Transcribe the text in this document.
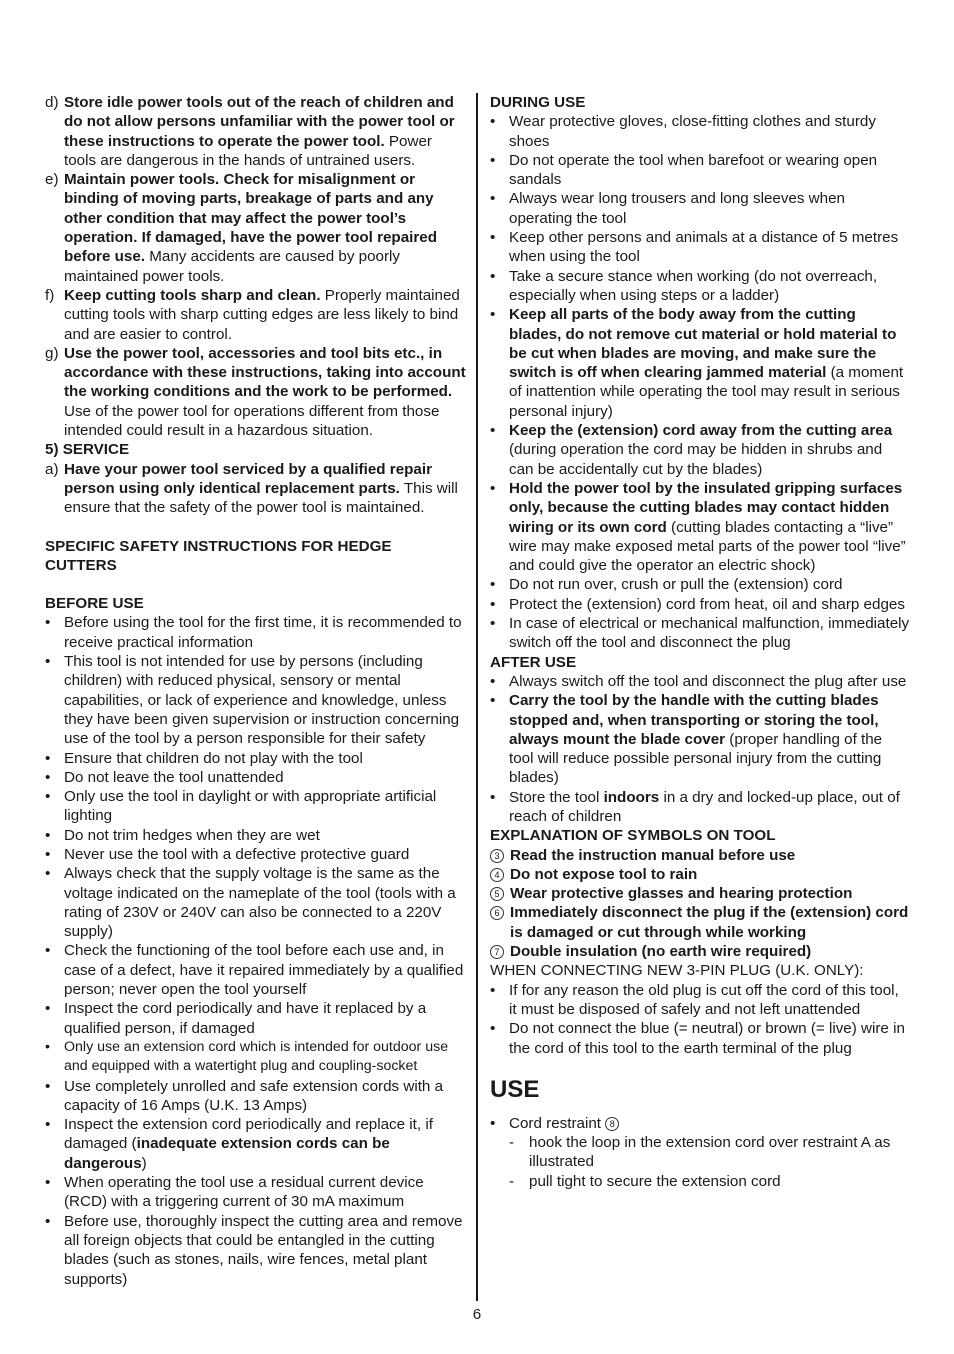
d) Store idle power tools out of the reach of children and do not allow persons unfamiliar with the power tool or these instructions to operate the power tool. Power tools are dangerous in the hands of untrained users.
e) Maintain power tools. Check for misalignment or binding of moving parts, breakage of parts and any other condition that may affect the power tool’s operation. If damaged, have the power tool repaired before use. Many accidents are caused by poorly maintained power tools.
f) Keep cutting tools sharp and clean. Properly maintained cutting tools with sharp cutting edges are less likely to bind and are easier to control.
g) Use the power tool, accessories and tool bits etc., in accordance with these instructions, taking into account the working conditions and the work to be performed. Use of the power tool for operations different from those intended could result in a hazardous situation.
5) SERVICE
a) Have your power tool serviced by a qualified repair person using only identical replacement parts. This will ensure that the safety of the power tool is maintained.
SPECIFIC SAFETY INSTRUCTIONS FOR HEDGE CUTTERS
BEFORE USE
• Before using the tool for the first time, it is recommended to receive practical information
• This tool is not intended for use by persons (including children) with reduced physical, sensory or mental capabilities, or lack of experience and knowledge, unless they have been given supervision or instruction concerning use of the tool by a person responsible for their safety
• Ensure that children do not play with the tool
• Do not leave the tool unattended
• Only use the tool in daylight or with appropriate artificial lighting
• Do not trim hedges when they are wet
• Never use the tool with a defective protective guard
• Always check that the supply voltage is the same as the voltage indicated on the nameplate of the tool (tools with a rating of 230V or 240V can also be connected to a 220V supply)
• Check the functioning of the tool before each use and, in case of a defect, have it repaired immediately by a qualified person; never open the tool yourself
• Inspect the cord periodically and have it replaced by a qualified person, if damaged
• Only use an extension cord which is intended for outdoor use and equipped with a watertight plug and coupling-socket
• Use completely unrolled and safe extension cords with a capacity of 16 Amps (U.K. 13 Amps)
• Inspect the extension cord periodically and replace it, if damaged (inadequate extension cords can be dangerous)
• When operating the tool use a residual current device (RCD) with a triggering current of 30 mA maximum
• Before use, thoroughly inspect the cutting area and remove all foreign objects that could be entangled in the cutting blades (such as stones, nails, wire fences, metal plant supports)
DURING USE
• Wear protective gloves, close-fitting clothes and sturdy shoes
• Do not operate the tool when barefoot or wearing open sandals
• Always wear long trousers and long sleeves when operating the tool
• Keep other persons and animals at a distance of 5 metres when using the tool
• Take a secure stance when working (do not overreach, especially when using steps or a ladder)
• Keep all parts of the body away from the cutting blades, do not remove cut material or hold material to be cut when blades are moving, and make sure the switch is off when clearing jammed material (a moment of inattention while operating the tool may result in serious personal injury)
• Keep the (extension) cord away from the cutting area (during operation the cord may be hidden in shrubs and can be accidentally cut by the blades)
• Hold the power tool by the insulated gripping surfaces only, because the cutting blades may contact hidden wiring or its own cord (cutting blades contacting a “live” wire may make exposed metal parts of the power tool “live” and could give the operator an electric shock)
• Do not run over, crush or pull the (extension) cord
• Protect the (extension) cord from heat, oil and sharp edges
• In case of electrical or mechanical malfunction, immediately switch off the tool and disconnect the plug
AFTER USE
• Always switch off the tool and disconnect the plug after use
• Carry the tool by the handle with the cutting blades stopped and, when transporting or storing the tool, always mount the blade cover (proper handling of the tool will reduce possible personal injury from the cutting blades)
• Store the tool indoors in a dry and locked-up place, out of reach of children
EXPLANATION OF SYMBOLS ON TOOL
3 Read the instruction manual before use
4 Do not expose tool to rain
5 Wear protective glasses and hearing protection
6 Immediately disconnect the plug if the (extension) cord is damaged or cut through while working
7 Double insulation (no earth wire required)
WHEN CONNECTING NEW 3-PIN PLUG (U.K. ONLY):
• If for any reason the old plug is cut off the cord of this tool, it must be disposed of safely and not left unattended
• Do not connect the blue (= neutral) or brown (= live) wire in the cord of this tool to the earth terminal of the plug
USE
• Cord restraint 8
- hook the loop in the extension cord over restraint A as illustrated
- pull tight to secure the extension cord
6
